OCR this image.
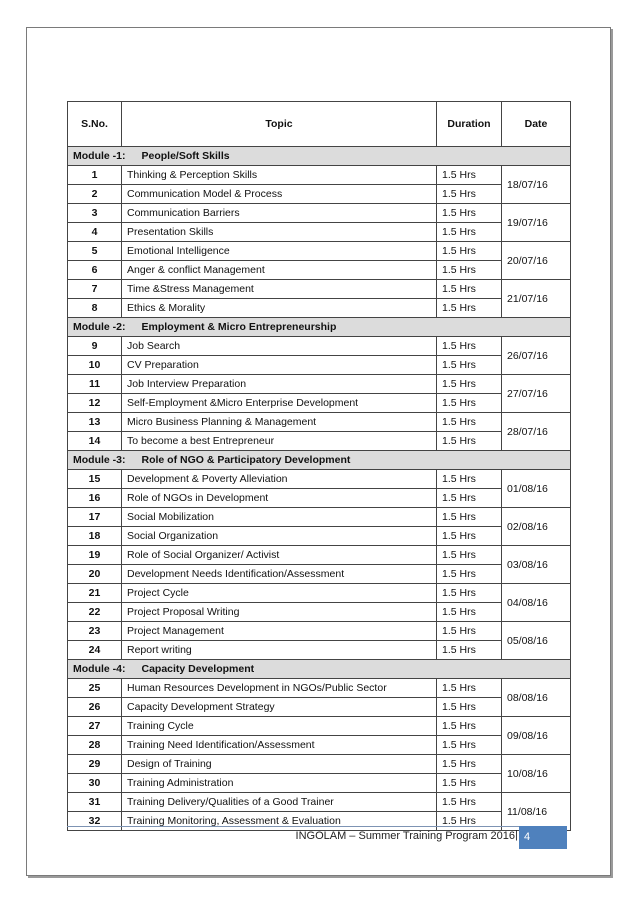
S.No.	Topic	Duration	Date
Module -1: People/Soft Skills			
1	Thinking & Perception Skills	1.5 Hrs	18/07/16
2	Communication Model & Process	1.5 Hrs	
3	Communication Barriers	1.5 Hrs	19/07/16
4	Presentation Skills	1.5 Hrs	
5	Emotional Intelligence	1.5 Hrs	20/07/16
6	Anger & conflict Management	1.5 Hrs	
7	Time &Stress Management	1.5 Hrs	21/07/16
8	Ethics & Morality	1.5 Hrs	
Module -2: Employment & Micro Entrepreneurship			
9	Job Search	1.5 Hrs	26/07/16
10	CV Preparation	1.5 Hrs	
11	Job Interview Preparation	1.5 Hrs	27/07/16
12	Self-Employment &Micro Enterprise Development	1.5 Hrs	
13	Micro Business Planning & Management	1.5 Hrs	28/07/16
14	To become a best Entrepreneur	1.5 Hrs	
Module -3: Role of NGO & Participatory Development			
15	Development & Poverty Alleviation	1.5 Hrs	01/08/16
16	Role of NGOs in Development	1.5 Hrs	
17	Social Mobilization	1.5 Hrs	02/08/16
18	Social Organization	1.5 Hrs	
19	Role of Social Organizer/ Activist	1.5 Hrs	03/08/16
20	Development Needs Identification/Assessment	1.5 Hrs	
21	Project Cycle	1.5 Hrs	04/08/16
22	Project Proposal Writing	1.5 Hrs	
23	Project Management	1.5 Hrs	05/08/16
24	Report writing	1.5 Hrs	
Module -4: Capacity Development			
25	Human Resources Development in NGOs/Public Sector	1.5 Hrs	08/08/16
26	Capacity Development Strategy	1.5 Hrs	
27	Training Cycle	1.5 Hrs	09/08/16
28	Training Need Identification/Assessment	1.5 Hrs	
29	Design of Training	1.5 Hrs	10/08/16
30	Training Administration	1.5 Hrs	
31	Training Delivery/Qualities of a Good Trainer	1.5 Hrs	11/08/16
32	Training Monitoring, Assessment & Evaluation	1.5 Hrs	
INGOLAM – Summer Training Program 2016 | 4
